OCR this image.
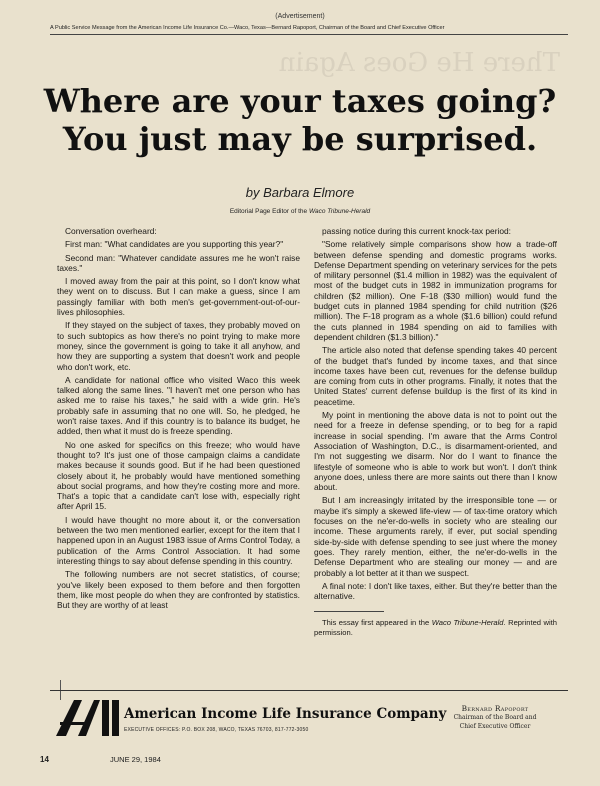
(Advertisement)
A Public Service Message from the American Income Life Insurance Co.—Waco, Texas—Bernard Rapoport, Chairman of the Board and Chief Executive Officer
There He Goes Again
Where are your taxes going?
You just may be surprised.
by Barbara Elmore
Editorial Page Editor of the Waco Tribune-Herald

Conversation overheard:

First man: "What candidates are you supporting this year?"

Second man: "Whatever candidate assures me he won't raise taxes."

I moved away from the pair at this point, so I don't know what they went on to discuss. But I can make a guess, since I am passingly familiar with both men's get-government-out-of-our-lives philosophies.

If they stayed on the subject of taxes, they probably moved on to such subtopics as how there's no point trying to make more money, since the government is going to take it all anyhow, and how they are supporting a system that doesn't work and people who don't work, etc.

A candidate for national office who visited Waco this week talked along the same lines. "I haven't met one person who has asked me to raise his taxes," he said with a wide grin. He's probably safe in assuming that no one will. So, he pledged, he won't raise taxes. And if this country is to balance its budget, he added, then what it must do is freeze spending.

No one asked for specifics on this freeze; who would have thought to? It's just one of those campaign claims a candidate makes because it sounds good. But if he had been questioned closely about it, he probably would have mentioned something about social programs, and how they're costing more and more. That's a topic that a candidate can't lose with, especially right after April 15.

I would have thought no more about it, or the conversation between the two men mentioned earlier, except for the item that I happened upon in an August 1983 issue of Arms Control Today, a publication of the Arms Control Association. It had some interesting things to say about defense spending in this country.

The following numbers are not secret statistics, of course; you've likely been exposed to them before and then forgotten them, like most people do when they are confronted by statistics. But they are worthy of at least

passing notice during this current knock-tax period:

"Some relatively simple comparisons show how a trade-off between defense spending and domestic programs works. Defense Department spending on veterinary services for the pets of military personnel ($1.4 million in 1982) was the equivalent of most of the budget cuts in 1982 in immunization programs for children ($2 million). One F-18 ($30 million) would fund the budget cuts in planned 1984 spending for child nutrition ($26 million). The F-18 program as a whole ($1.6 billion) could refund the cuts planned in 1984 spending on aid to families with dependent children ($1.3 billion)."

The article also noted that defense spending takes 40 percent of the budget that's funded by income taxes, and that since income taxes have been cut, revenues for the defense buildup are coming from cuts in other programs. Finally, it notes that the United States' current defense buildup is the first of its kind in peacetime.

My point in mentioning the above data is not to point out the need for a freeze in defense spending, or to beg for a rapid increase in social spending. I'm aware that the Arms Control Association of Washington, D.C., is disarmament-oriented, and I'm not suggesting we disarm. Nor do I want to finance the lifestyle of someone who is able to work but won't. I don't think anyone does, unless there are more saints out there than I know about.

But I am increasingly irritated by the irresponsible tone — or maybe it's simply a skewed life-view — of tax-time oratory which focuses on the ne'er-do-wells in society who are stealing our income. These arguments rarely, if ever, put social spending side-by-side with defense spending to see just where the money goes. They rarely mention, either, the ne'er-do-wells in the Defense Department who are stealing our money — and are probably a lot better at it than we suspect.

A final note: I don't like taxes, either. But they're better than the alternative.

This essay first appeared in the Waco Tribune-Herald. Reprinted with permission.

American Income Life Insurance Company
EXECUTIVE OFFICES: P.O. BOX 208, WACO, TEXAS 76703, 817-772-3050
Bernard Rapoport
Chairman of the Board and
Chief Executive Officer
14	JUNE 29, 1984
